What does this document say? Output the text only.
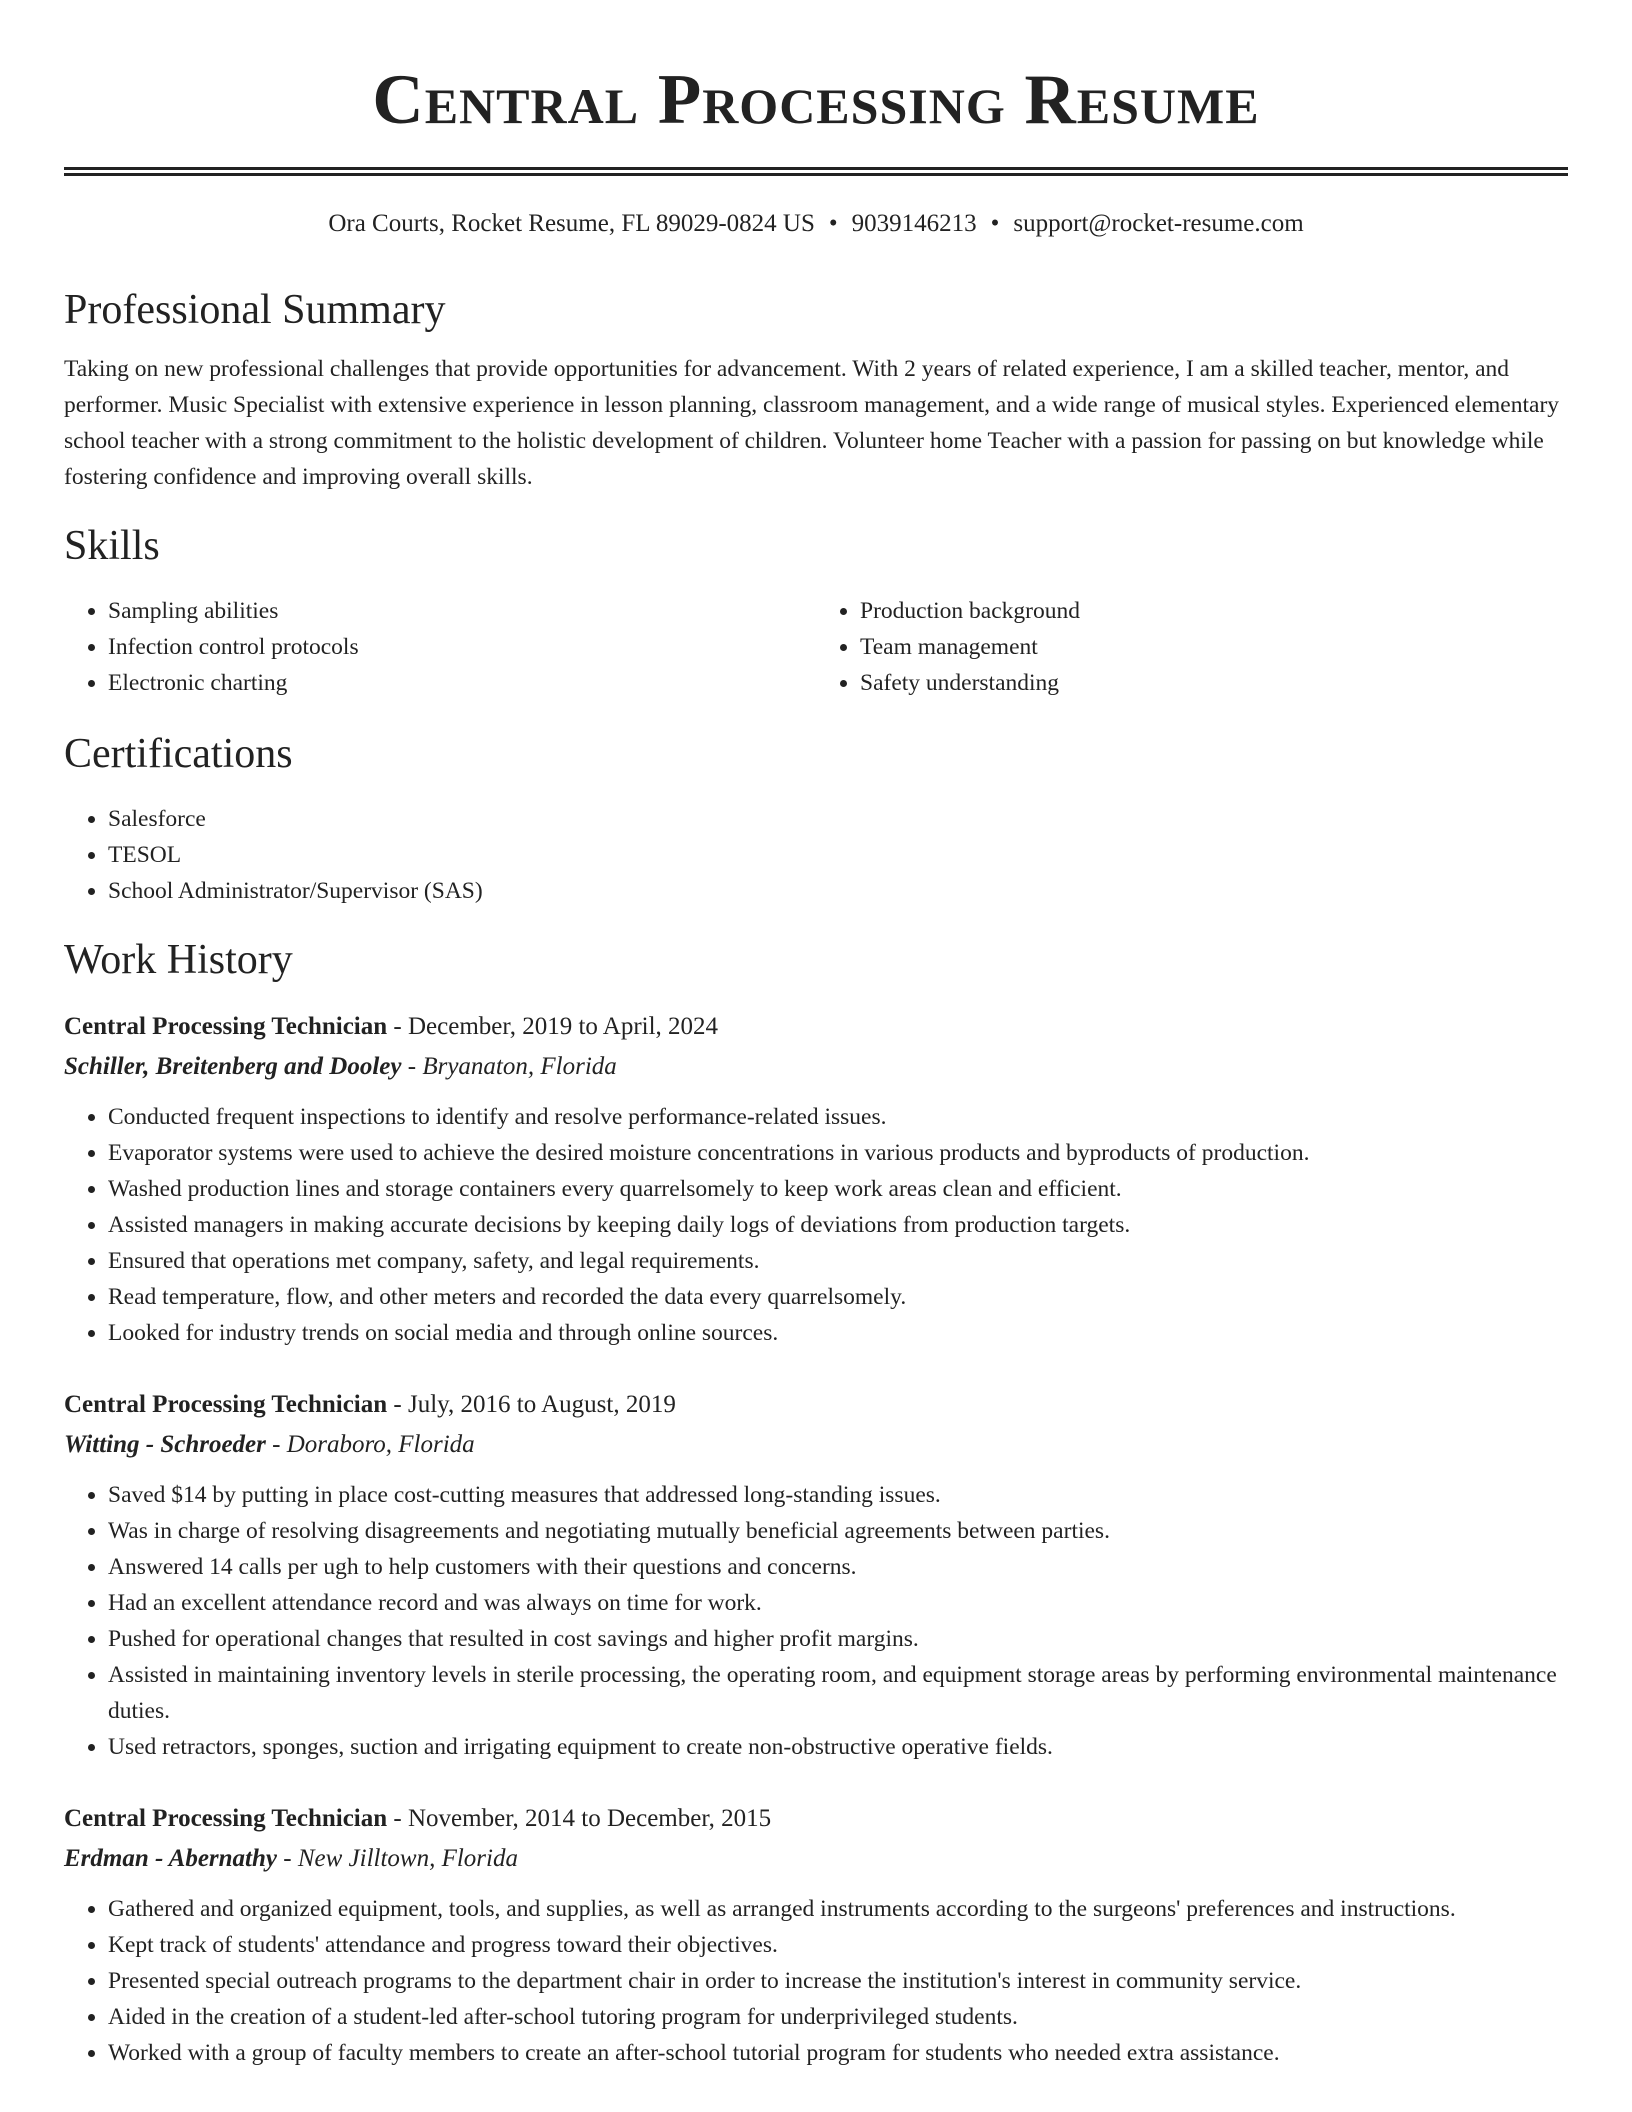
Central Processing Resume
Ora Courts, Rocket Resume, FL 89029-0824 US • 9039146213 • support@rocket-resume.com
Professional Summary

Taking on new professional challenges that provide opportunities for advancement. With 2 years of related experience, I am a skilled teacher, mentor, and performer. Music Specialist with extensive experience in lesson planning, classroom management, and a wide range of musical styles. Experienced elementary school teacher with a strong commitment to the holistic development of children. Volunteer home Teacher with a passion for passing on but knowledge while fostering confidence and improving overall skills.

Skills
• Sampling abilities
• Infection control protocols
• Electronic charting
• Production background
• Team management
• Safety understanding
Certifications
• Salesforce
• TESOL
• School Administrator/Supervisor (SAS)
Work History
Central Processing Technician - December, 2019 to April, 2024
Schiller, Breitenberg and Dooley - Bryanaton, Florida
• Conducted frequent inspections to identify and resolve performance-related issues.
• Evaporator systems were used to achieve the desired moisture concentrations in various products and byproducts of production.
• Washed production lines and storage containers every quarrelsomely to keep work areas clean and efficient.
• Assisted managers in making accurate decisions by keeping daily logs of deviations from production targets.
• Ensured that operations met company, safety, and legal requirements.
• Read temperature, flow, and other meters and recorded the data every quarrelsomely.
• Looked for industry trends on social media and through online sources.
Central Processing Technician - July, 2016 to August, 2019
Witting - Schroeder - Doraboro, Florida
• Saved $14 by putting in place cost-cutting measures that addressed long-standing issues.
• Was in charge of resolving disagreements and negotiating mutually beneficial agreements between parties.
• Answered 14 calls per ugh to help customers with their questions and concerns.
• Had an excellent attendance record and was always on time for work.
• Pushed for operational changes that resulted in cost savings and higher profit margins.
• Assisted in maintaining inventory levels in sterile processing, the operating room, and equipment storage areas by performing environmental maintenance duties.
• Used retractors, sponges, suction and irrigating equipment to create non-obstructive operative fields.
Central Processing Technician - November, 2014 to December, 2015
Erdman - Abernathy - New Jilltown, Florida
• Gathered and organized equipment, tools, and supplies, as well as arranged instruments according to the surgeons' preferences and instructions.
• Kept track of students' attendance and progress toward their objectives.
• Presented special outreach programs to the department chair in order to increase the institution's interest in community service.
• Aided in the creation of a student-led after-school tutoring program for underprivileged students.
• Worked with a group of faculty members to create an after-school tutorial program for students who needed extra assistance.
